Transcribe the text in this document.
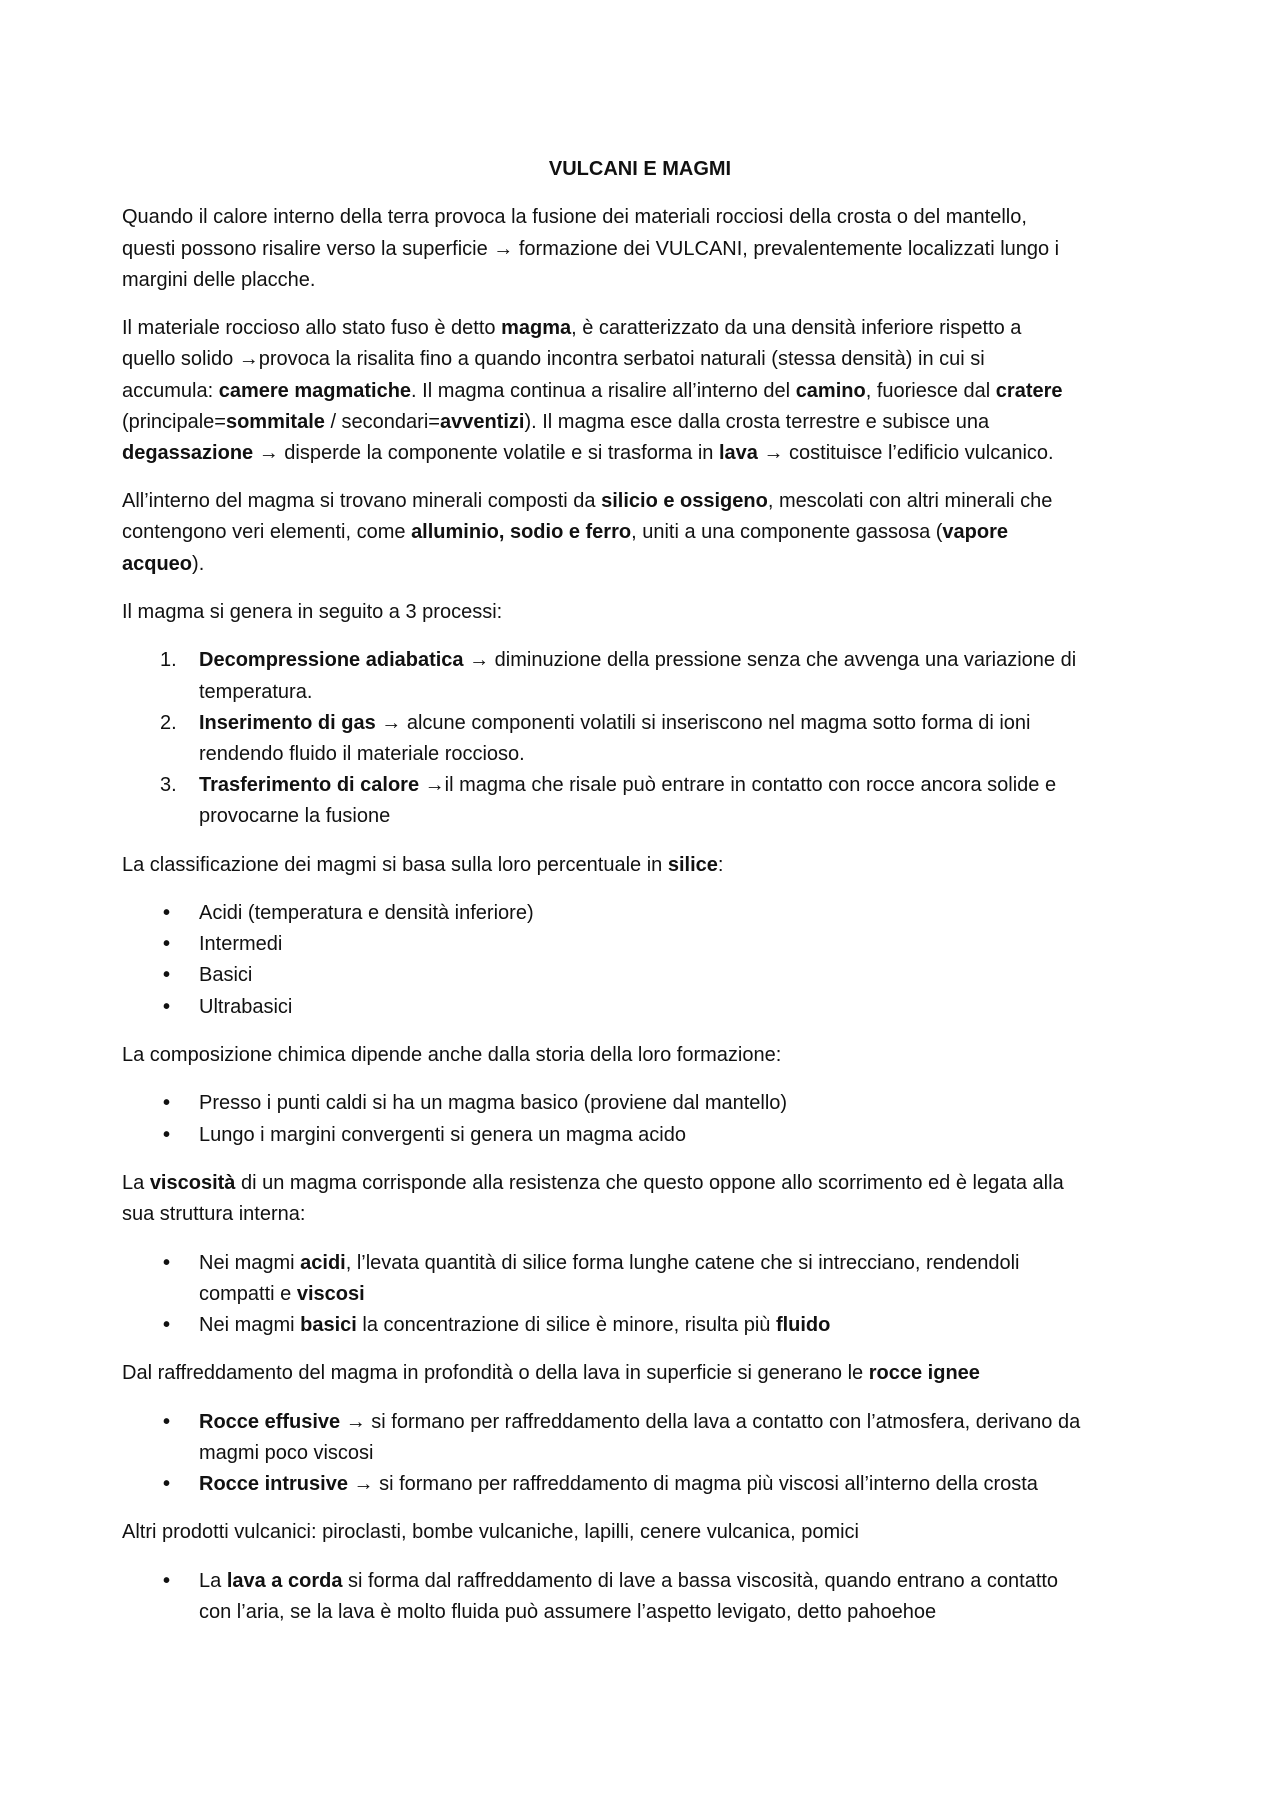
VULCANI E MAGMI
Quando il calore interno della terra provoca la fusione dei materiali rocciosi della crosta o del mantello,
questi possono risalire verso la superficie → formazione dei VULCANI, prevalentemente localizzati lungo i
margini delle placche.
Il materiale roccioso allo stato fuso è detto magma, è caratterizzato da una densità inferiore rispetto a
quello solido →provoca la risalita fino a quando incontra serbatoi naturali (stessa densità) in cui si
accumula: camere magmatiche. Il magma continua a risalire all’interno del camino, fuoriesce dal cratere
(principale=sommitale / secondari=avventizi). Il magma esce dalla crosta terrestre e subisce una
degassazione → disperde la componente volatile e si trasforma in lava → costituisce l’edificio vulcanico.
All’interno del magma si trovano minerali composti da silicio e ossigeno, mescolati con altri minerali che
contengono veri elementi, come alluminio, sodio e ferro, uniti a una componente gassosa (vapore
acqueo).
Il magma si genera in seguito a 3 processi:
1. Decompressione adiabatica → diminuzione della pressione senza che avvenga una variazione di
temperatura.
2. Inserimento di gas → alcune componenti volatili si inseriscono nel magma sotto forma di ioni
rendendo fluido il materiale roccioso.
3. Trasferimento di calore →il magma che risale può entrare in contatto con rocce ancora solide e
provocarne la fusione
La classificazione dei magmi si basa sulla loro percentuale in silice:
• Acidi (temperatura e densità inferiore)
• Intermedi
• Basici
• Ultrabasici
La composizione chimica dipende anche dalla storia della loro formazione:
• Presso i punti caldi si ha un magma basico (proviene dal mantello)
• Lungo i margini convergenti si genera un magma acido
La viscosità di un magma corrisponde alla resistenza che questo oppone allo scorrimento ed è legata alla
sua struttura interna:
• Nei magmi acidi, l’levata quantità di silice forma lunghe catene che si intrecciano, rendendoli
compatti e viscosi
• Nei magmi basici la concentrazione di silice è minore, risulta più fluido
Dal raffreddamento del magma in profondità o della lava in superficie si generano le rocce ignee
• Rocce effusive → si formano per raffreddamento della lava a contatto con l’atmosfera, derivano da
magmi poco viscosi
• Rocce intrusive → si formano per raffreddamento di magma più viscosi all’interno della crosta
Altri prodotti vulcanici: piroclasti, bombe vulcaniche, lapilli, cenere vulcanica, pomici
• La lava a corda si forma dal raffreddamento di lave a bassa viscosità, quando entrano a contatto
con l’aria, se la lava è molto fluida può assumere l’aspetto levigato, detto pahoehoe
